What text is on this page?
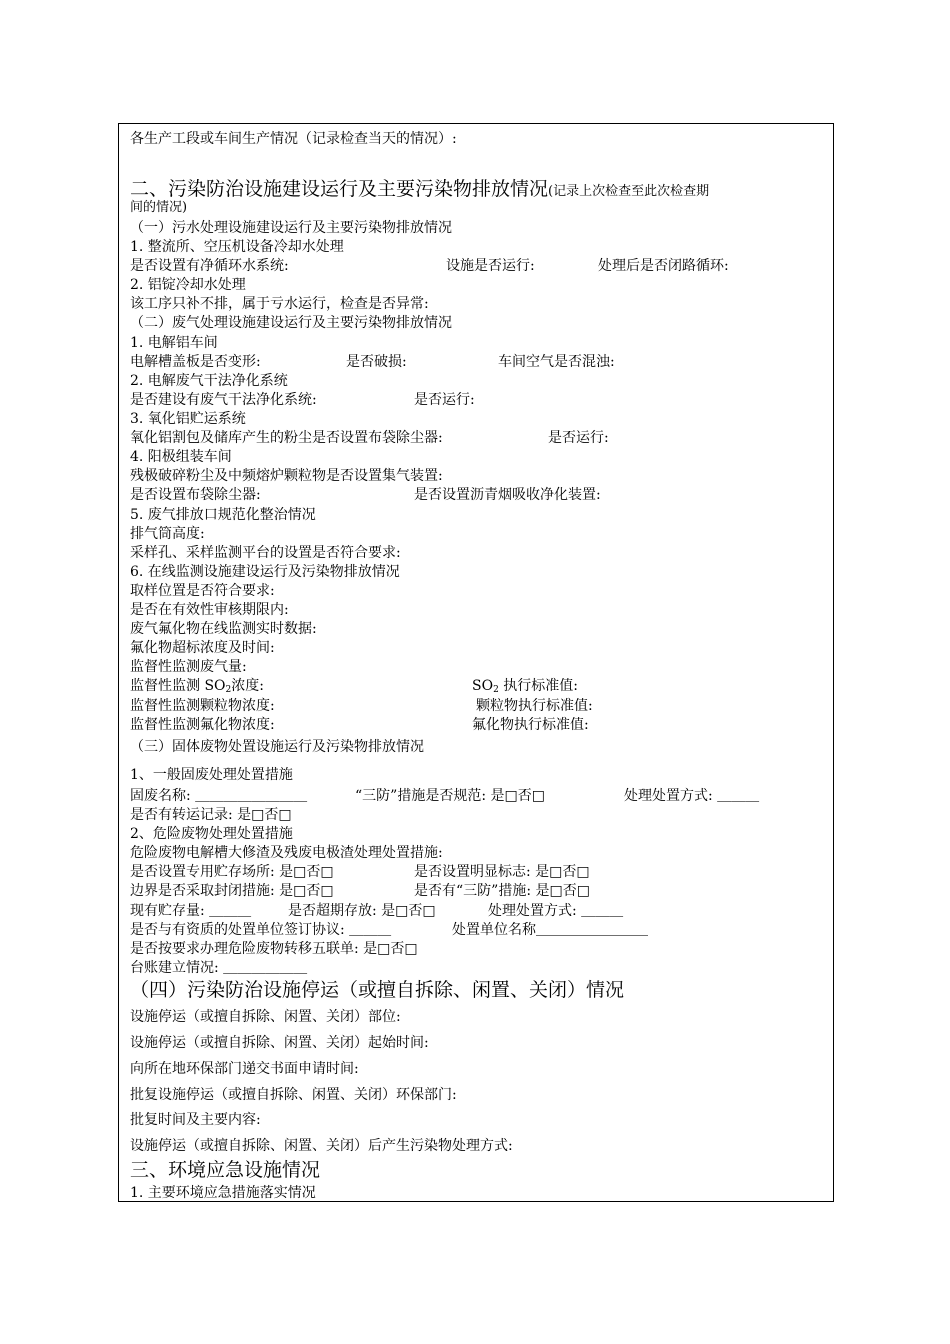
各生产工段或车间生产情况（记录检查当天的情况）:
二、污染防治设施建设运行及主要污染物排放情况(记录上次检查至此次检查期
间的情况)
（一）污水处理设施建设运行及主要污染物排放情况
1. 整流所、空压机设备冷却水处理
是否设置有净循环水系统:	设施是否运行:	处理后是否闭路循环:
2. 铝锭冷却水处理
该工序只补不排，属于亏水运行，检查是否异常:
（二）废气处理设施建设运行及主要污染物排放情况
1. 电解铝车间
电解槽盖板是否变形:	是否破损:	车间空气是否混浊:
2. 电解废气干法净化系统
是否建设有废气干法净化系统:	是否运行:
3. 氧化铝贮运系统
氧化铝割包及储库产生的粉尘是否设置布袋除尘器:	是否运行:
4. 阳极组装车间
残极破碎粉尘及中频熔炉颗粒物是否设置集气装置:
是否设置布袋除尘器:	是否设置沥青烟吸收净化装置:
5. 废气排放口规范化整治情况
排气筒高度:
采样孔、采样监测平台的设置是否符合要求:
6. 在线监测设施建设运行及污染物排放情况
取样位置是否符合要求:
是否在有效性审核期限内:
废气氟化物在线监测实时数据:
氟化物超标浓度及时间:
监督性监测废气量:
监督性监测 $SO_2$浓度:	$SO_2$ 执行标准值:
监督性监测颗粒物浓度:	颗粒物执行标准值:
监督性监测氟化物浓度:	氟化物执行标准值:
（三）固体废物处置设施运行及污染物排放情况
1、一般固废处理处置措施
固废名称: ＿＿＿＿＿＿＿＿	“三防”措施是否规范: 是□否□	处理处置方式: ＿＿＿
是否有转运记录: 是□否□
2、危险废物处理处置措施
危险废物电解槽大修渣及残废电极渣处理处置措施:
是否设置专用贮存场所: 是□否□	是否设置明显标志: 是□否□
边界是否采取封闭措施: 是□否□	是否有“三防”措施: 是□否□
现有贮存量: ＿＿＿	是否超期存放: 是□否□	处理处置方式: ＿＿＿
是否与有资质的处置单位签订协议: ＿＿＿	处置单位名称＿＿＿＿＿＿＿＿
是否按要求办理危险废物转移五联单: 是□否□
台账建立情况: ＿＿＿＿＿＿
（四）污染防治设施停运（或擅自拆除、闲置、关闭）情况
设施停运（或擅自拆除、闲置、关闭）部位:
设施停运（或擅自拆除、闲置、关闭）起始时间:
向所在地环保部门递交书面申请时间:
批复设施停运（或擅自拆除、闲置、关闭）环保部门:
批复时间及主要内容:
设施停运（或擅自拆除、闲置、关闭）后产生污染物处理方式:
三、环境应急设施情况
1. 主要环境应急措施落实情况
